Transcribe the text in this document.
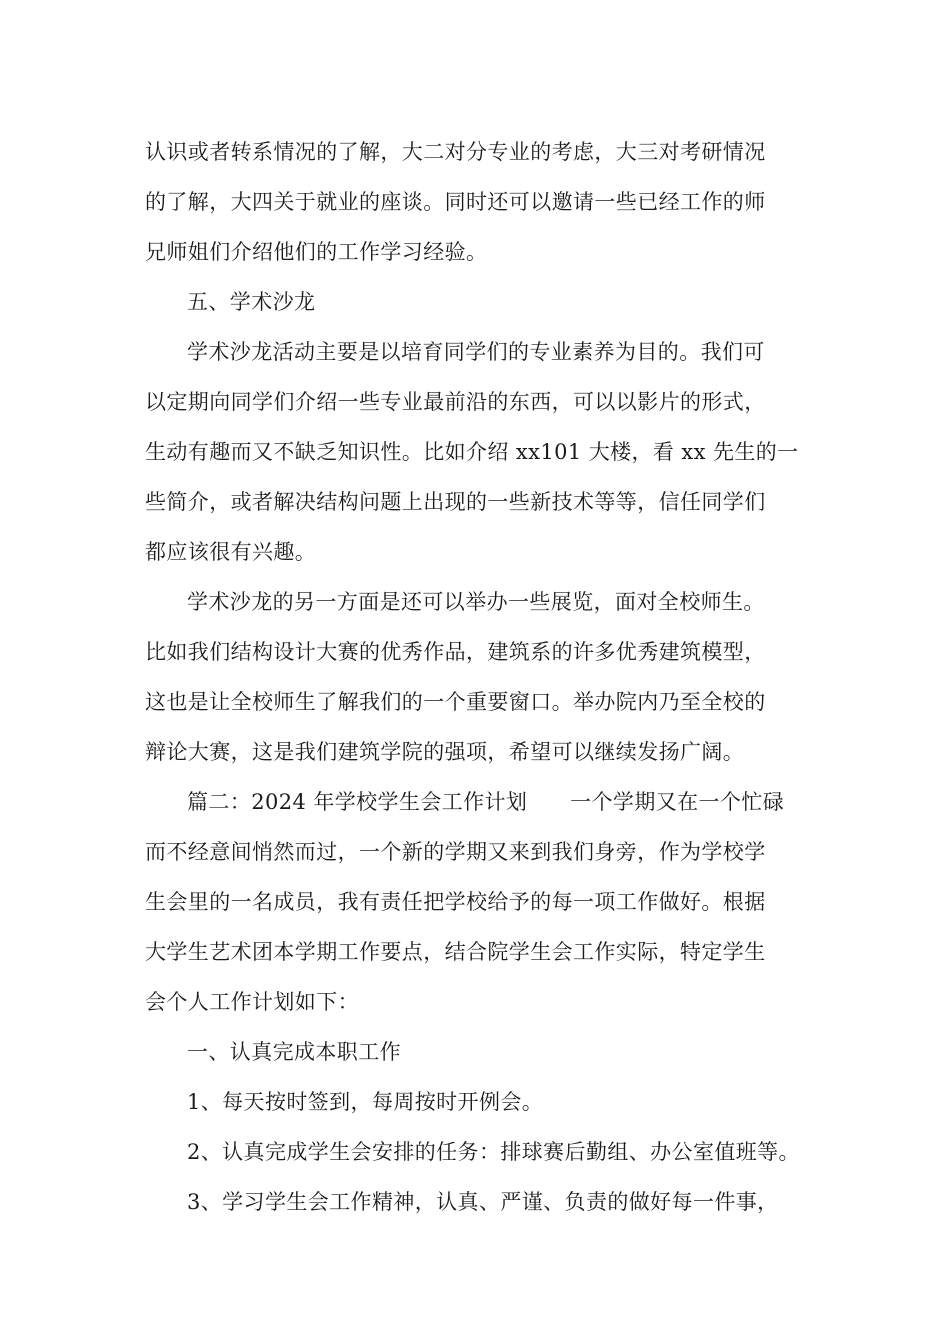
认识或者转系情况的了解，大二对分专业的考虑，大三对考研情况

的了解，大四关于就业的座谈。同时还可以邀请一些已经工作的师

兄师姐们介绍他们的工作学习经验。

五、学术沙龙

学术沙龙活动主要是以培育同学们的专业素养为目的。我们可

以定期向同学们介绍一些专业最前沿的东西，可以以影片的形式，

生动有趣而又不缺乏知识性。比如介绍 xx101 大楼，看 xx 先生的一

些简介，或者解决结构问题上出现的一些新技术等等，信任同学们

都应该很有兴趣。

学术沙龙的另一方面是还可以举办一些展览，面对全校师生。

比如我们结构设计大赛的优秀作品，建筑系的许多优秀建筑模型，

这也是让全校师生了解我们的一个重要窗口。举办院内乃至全校的

辩论大赛，这是我们建筑学院的强项，希望可以继续发扬广阔。

篇二：2024 年学校学生会工作计划　　一个学期又在一个忙碌

而不经意间悄然而过，一个新的学期又来到我们身旁，作为学校学

生会里的一名成员，我有责任把学校给予的每一项工作做好。根据

大学生艺术团本学期工作要点，结合院学生会工作实际，特定学生

会个人工作计划如下：

一、认真完成本职工作

1、每天按时签到，每周按时开例会。

2、认真完成学生会安排的任务：排球赛后勤组、办公室值班等。

3、学习学生会工作精神，认真、严谨、负责的做好每一件事，
